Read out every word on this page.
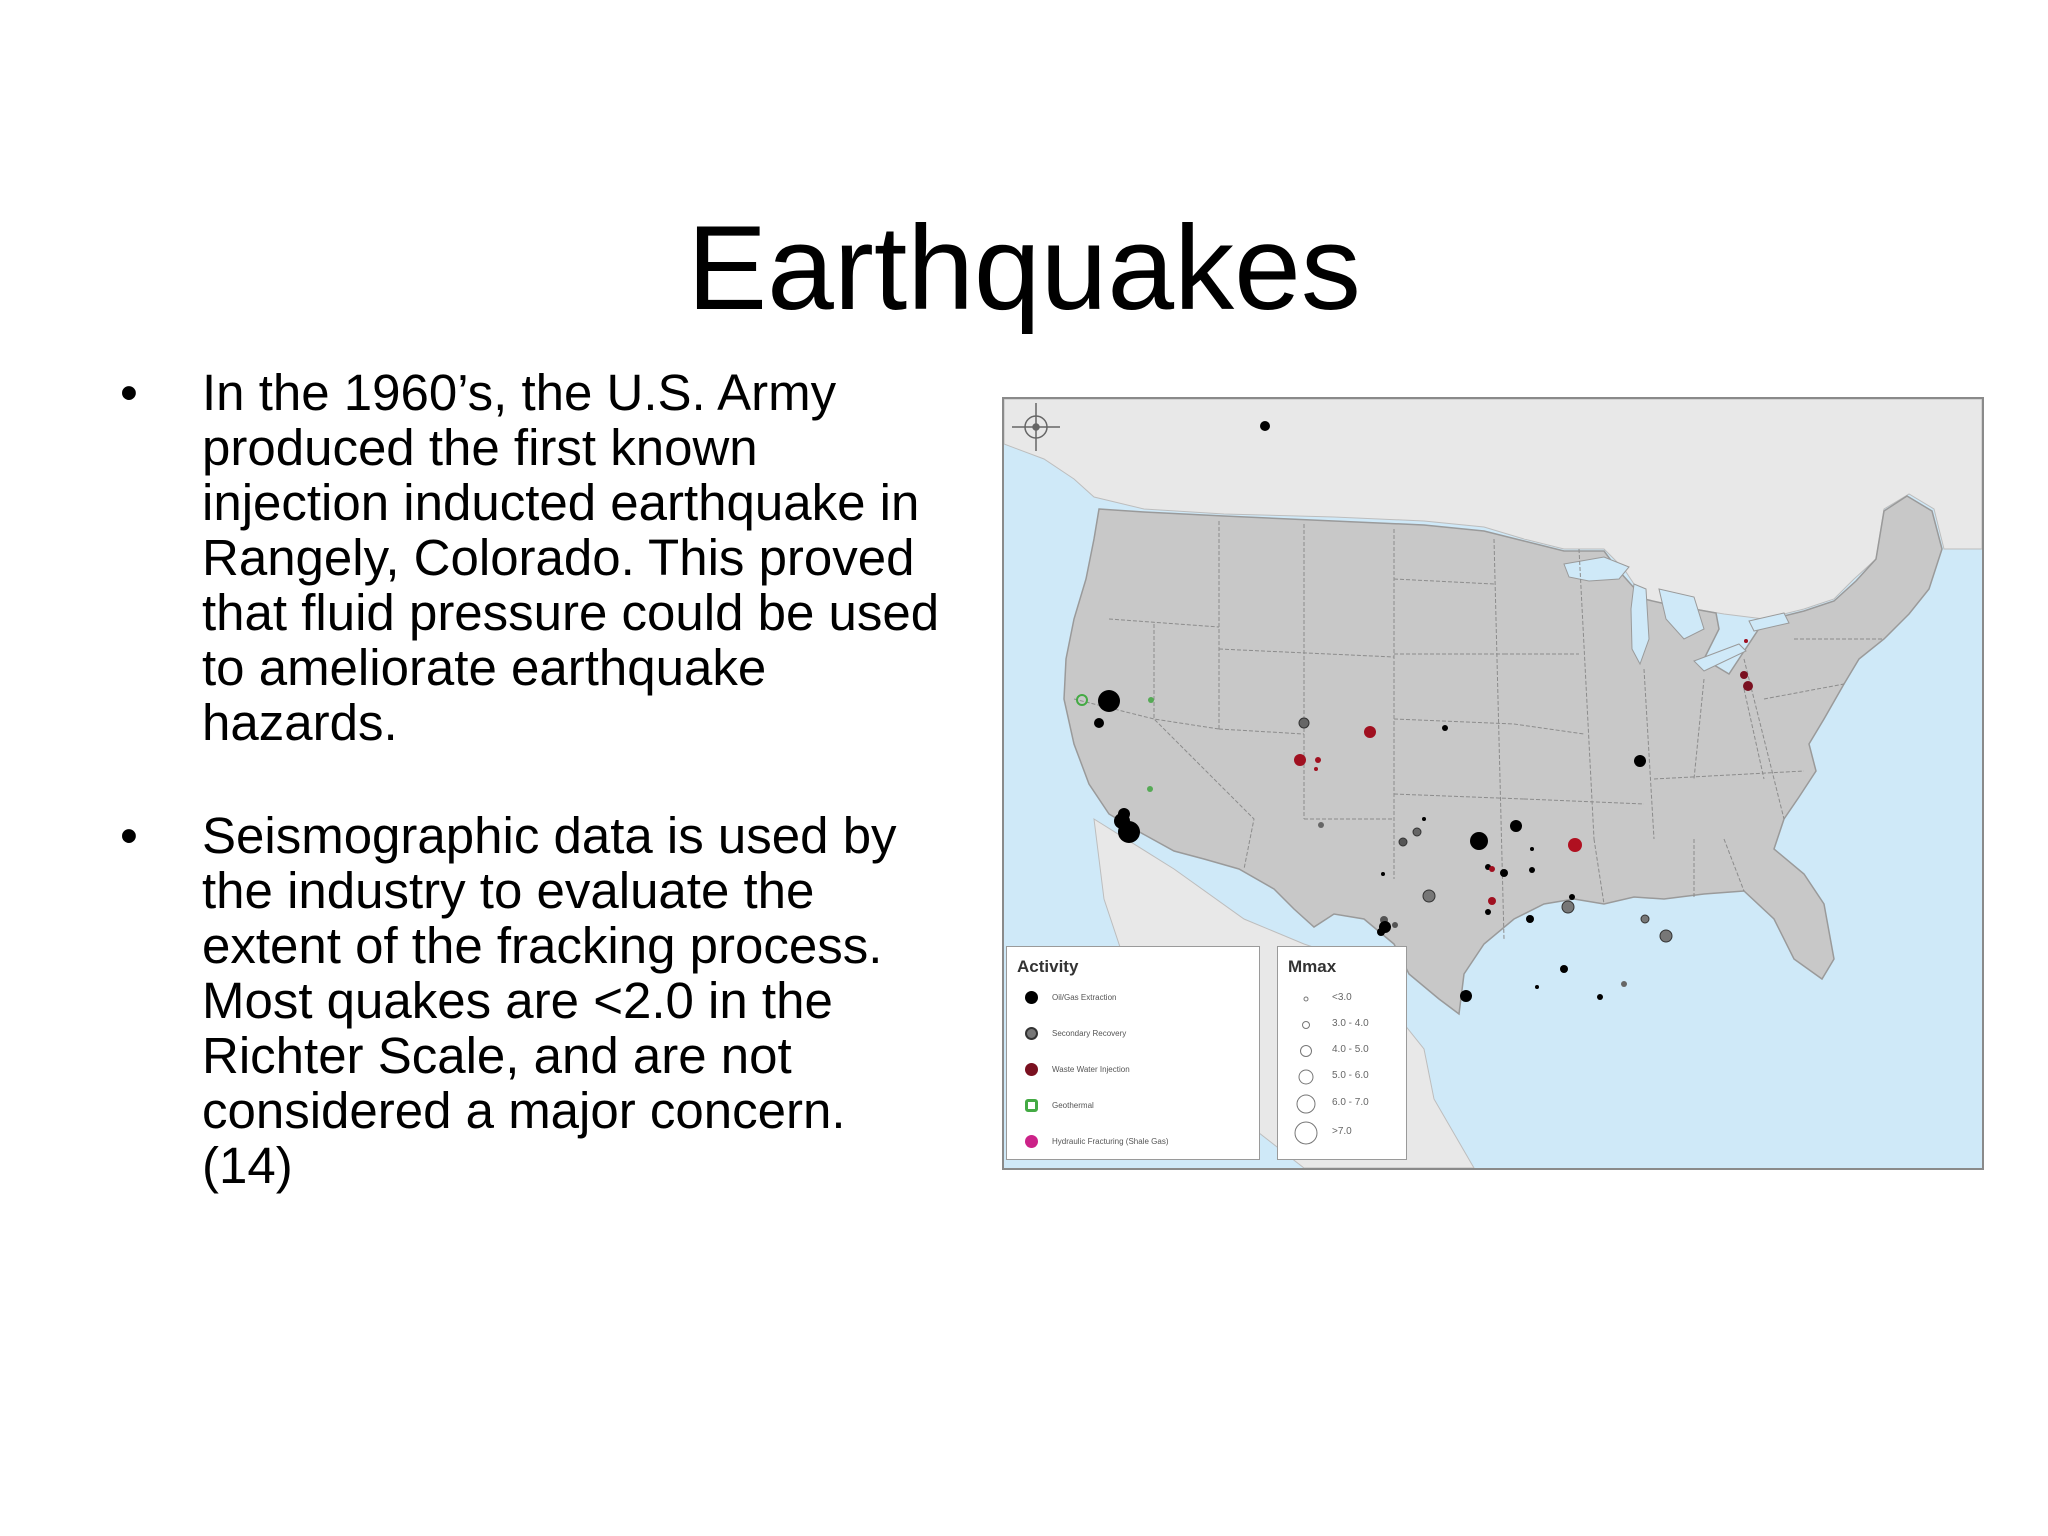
Earthquakes
•	In the 1960’s, the U.S. Army produced the first known injection inducted earthquake in Rangely, Colorado. This proved that fluid pressure could be used to ameliorate earthquake hazards.
•	Seismographic data is used by the industry to evaluate the extent of the fracking process. Most quakes are <2.0 in the Richter Scale, and are not considered a major concern. (14)
Activity
Oil/Gas Extraction
Secondary Recovery
Waste Water Injection
Geothermal
Hydraulic Fracturing (Shale Gas)
Mmax
<3.0
3.0 - 4.0
4.0 - 5.0
5.0 - 6.0
6.0 - 7.0
>7.0
